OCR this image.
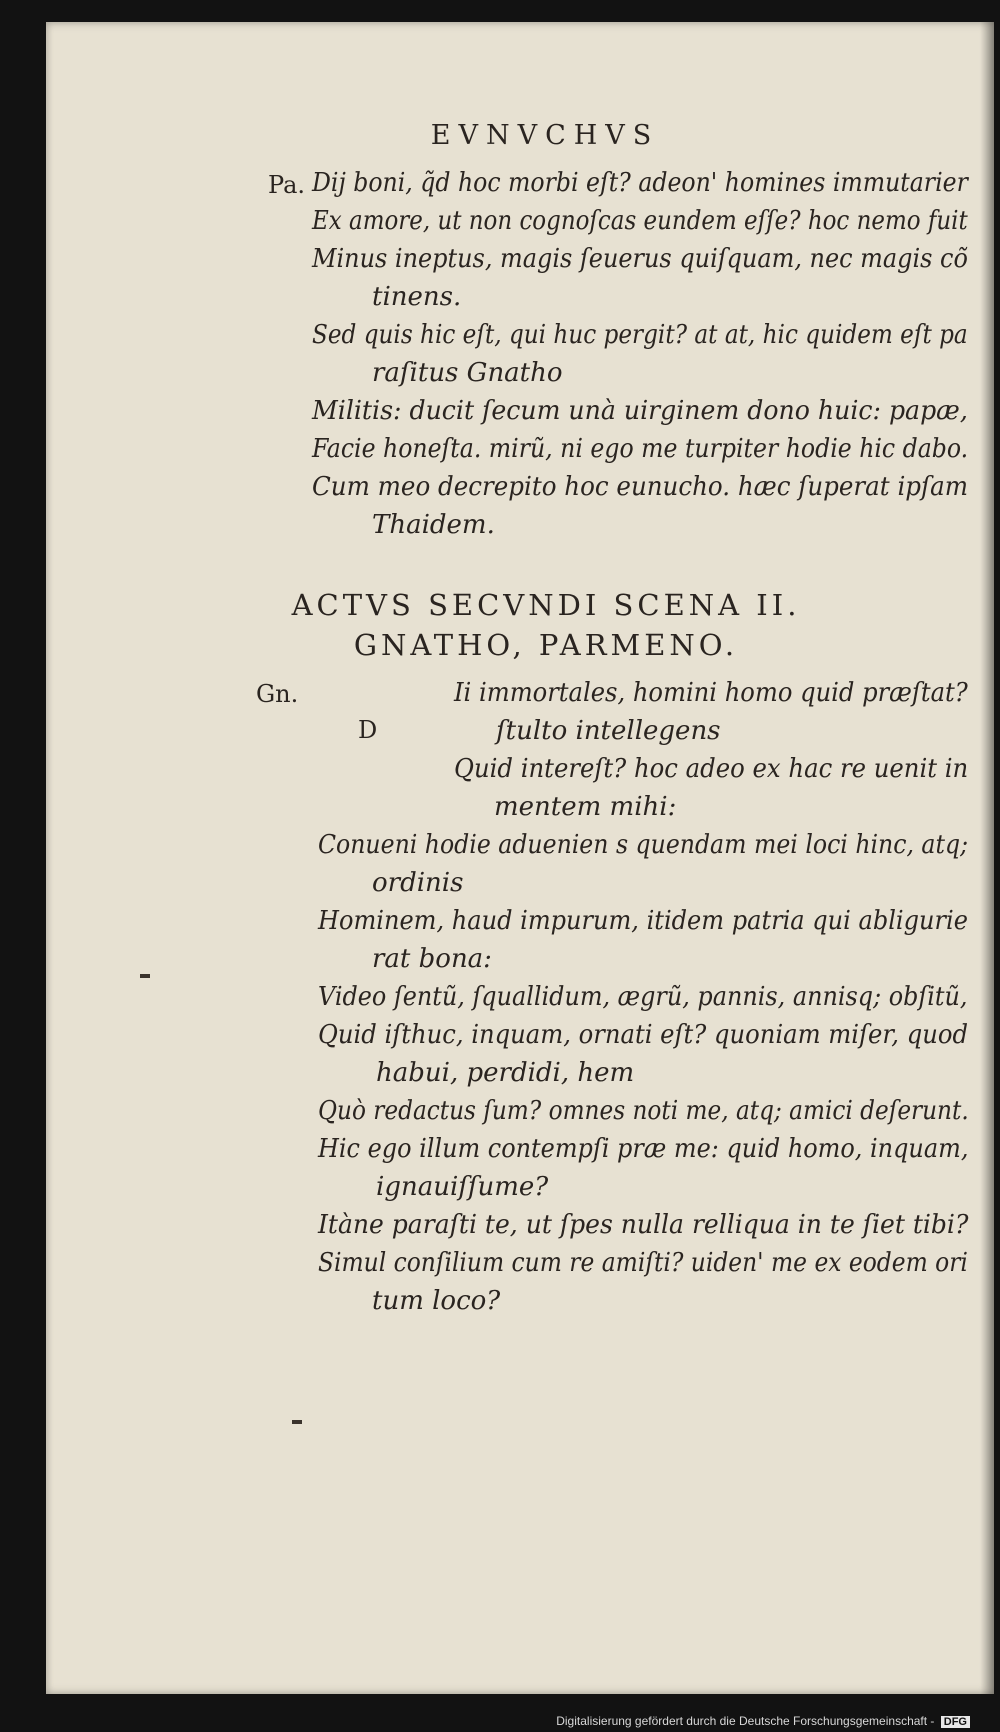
EVNVCHVS
Pa. Dij boni, q̃d hoc morbi eſt? adeon' homines immutarier
Ex amore, ut non cognoſcas eundem eſſe? hoc nemo fuit
Minus ineptus, magis ſeuerus quiſquam, nec magis cõ
tinens.
Sed quis hic eſt, qui huc pergit? at at, hic quidem eſt pa
raſitus Gnatho
Militis: ducit ſecum unà uirginem dono huic: papæ,
Facie honeſta. mirũ, ni ego me turpiter hodie hic dabo.
Cum meo decrepito hoc eunucho. hæc ſuperat ipſam
Thaidem.
ACTVS SECVNDI SCENA II.
GNATHO, PARMENO.
Gn.
D
Ii immortales, homini homo quid præſtat?
ſtulto intellegens
Quid intereſt? hoc adeo ex hac re uenit in
mentem mihi:
Conueni hodie aduenien s quendam mei loci hinc, atq;
ordinis
Hominem, haud impurum, itidem patria qui abligurie
rat bona:
Video ſentũ, ſquallidum, ægrũ, pannis, annisq; obſitũ,
Quid iſthuc, inquam, ornati eſt? quoniam miſer, quod
habui, perdidi, hem
Quò redactus ſum? omnes noti me, atq; amici deſerunt.
Hic ego illum contempſi præ me: quid homo, inquam,
ignauiſſume?
Itàne paraſti te, ut ſpes nulla relliqua in te ſiet tibi?
Simul conſilium cum re amiſti? uiden' me ex eodem ori
tum loco?
Digitalisierung gefördert durch die Deutsche Forschungsgemeinschaft - DFG
